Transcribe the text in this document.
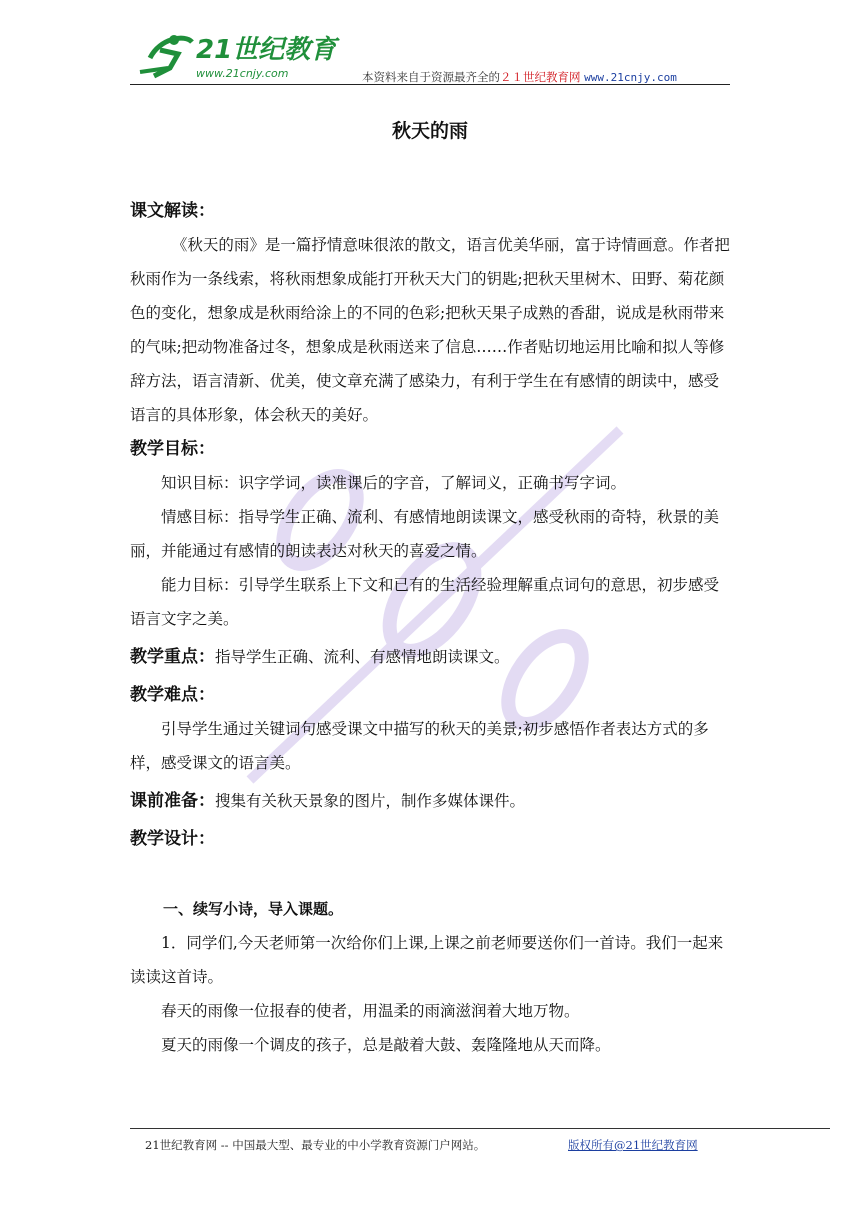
21世纪教育
www.21cnjy.com	本资料来自于资源最齐全的２１世纪教育网 www.21cnjy.com
秋天的雨

课文解读：

《秋天的雨》是一篇抒情意味很浓的散文，语言优美华丽，富于诗情画意。作者把秋雨作为一条线索，将秋雨想象成能打开秋天大门的钥匙;把秋天里树木、田野、菊花颜色的变化，想象成是秋雨给涂上的不同的色彩;把秋天果子成熟的香甜，说成是秋雨带来的气味;把动物准备过冬，想象成是秋雨送来了信息……作者贴切地运用比喻和拟人等修辞方法，语言清新、优美，使文章充满了感染力，有利于学生在有感情的朗读中，感受语言的具体形象，体会秋天的美好。

教学目标：

知识目标：识字学词，读准课后的字音，了解词义，正确书写字词。

情感目标：指导学生正确、流利、有感情地朗读课文，感受秋雨的奇特，秋景的美丽，并能通过有感情的朗读表达对秋天的喜爱之情。

能力目标：引导学生联系上下文和已有的生活经验理解重点词句的意思，初步感受语言文字之美。

教学重点：指导学生正确、流利、有感情地朗读课文。

教学难点：

引导学生通过关键词句感受课文中描写的秋天的美景;初步感悟作者表达方式的多样，感受课文的语言美。

课前准备：搜集有关秋天景象的图片，制作多媒体课件。

教学设计：

一、续写小诗，导入课题。

1．同学们,今天老师第一次给你们上课,上课之前老师要送你们一首诗。我们一起来读读这首诗。

春天的雨像一位报春的使者，用温柔的雨滴滋润着大地万物。

夏天的雨像一个调皮的孩子，总是敲着大鼓、轰隆隆地从天而降。

21世纪教育网 -- 中国最大型、最专业的中小学教育资源门户网站。	版权所有@21世纪教育网
